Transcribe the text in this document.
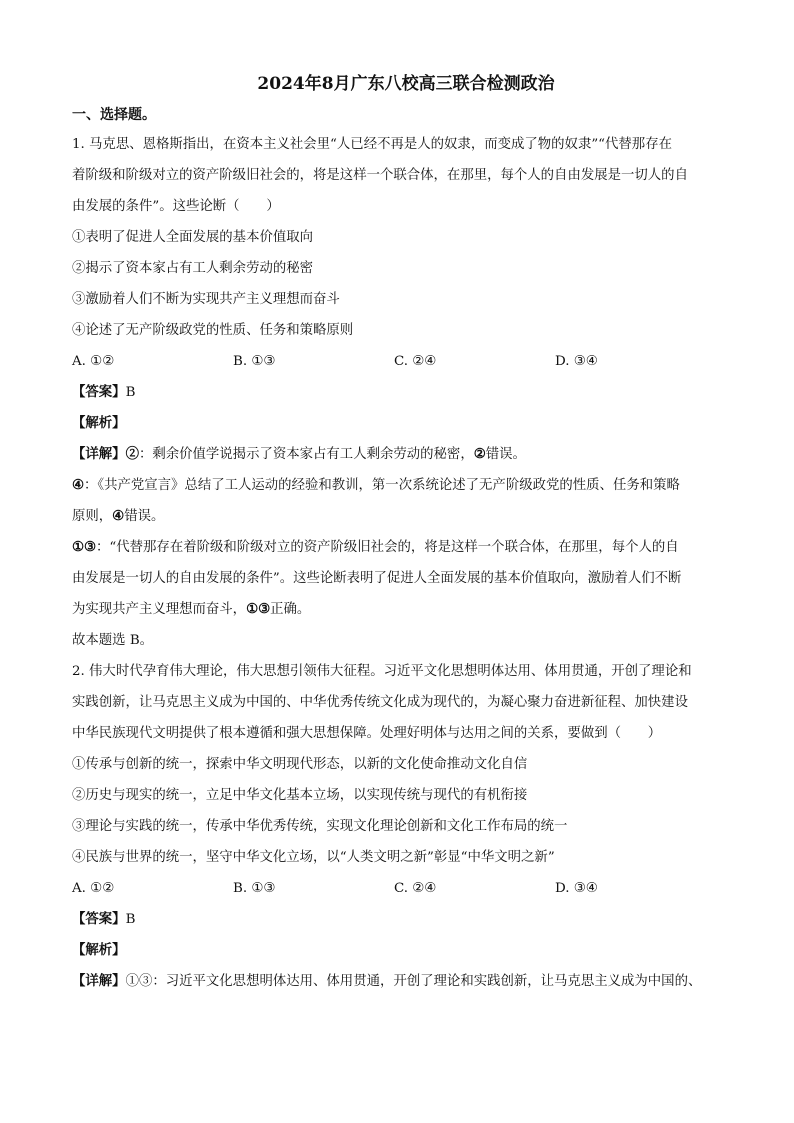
2024年8月广东八校高三联合检测政治
一、选择题。
1. 马克思、恩格斯指出，在资本主义社会里“人已经不再是人的奴隶，而变成了物的奴隶”“代替那存在
着阶级和阶级对立的资产阶级旧社会的，将是这样一个联合体，在那里，每个人的自由发展是一切人的自
由发展的条件”。这些论断（　　）
①表明了促进人全面发展的基本价值取向
②揭示了资本家占有工人剩余劳动的秘密
③激励着人们不断为实现共产主义理想而奋斗
④论述了无产阶级政党的性质、任务和策略原则
A. ①②	B. ①③	C. ②④	D. ③④
【答案】B
【解析】
【详解】②：剩余价值学说揭示了资本家占有工人剩余劳动的秘密，②错误。
④：《共产党宣言》总结了工人运动的经验和教训，第一次系统论述了无产阶级政党的性质、任务和策略
原则，④错误。
①③：“代替那存在着阶级和阶级对立的资产阶级旧社会的，将是这样一个联合体，在那里，每个人的自
由发展是一切人的自由发展的条件”。这些论断表明了促进人全面发展的基本价值取向，激励着人们不断
为实现共产主义理想而奋斗，①③正确。
故本题选 B。
2. 伟大时代孕育伟大理论，伟大思想引领伟大征程。习近平文化思想明体达用、体用贯通，开创了理论和
实践创新，让马克思主义成为中国的、中华优秀传统文化成为现代的，为凝心聚力奋进新征程、加快建设
中华民族现代文明提供了根本遵循和强大思想保障。处理好明体与达用之间的关系，要做到（　　）
①传承与创新的统一，探索中华文明现代形态，以新的文化使命推动文化自信
②历史与现实的统一，立足中华文化基本立场，以实现传统与现代的有机衔接
③理论与实践的统一，传承中华优秀传统，实现文化理论创新和文化工作布局的统一
④民族与世界的统一，坚守中华文化立场，以“人类文明之新”彰显“中华文明之新”
A. ①②	B. ①③	C. ②④	D. ③④
【答案】B
【解析】
【详解】①③：习近平文化思想明体达用、体用贯通，开创了理论和实践创新，让马克思主义成为中国的、
